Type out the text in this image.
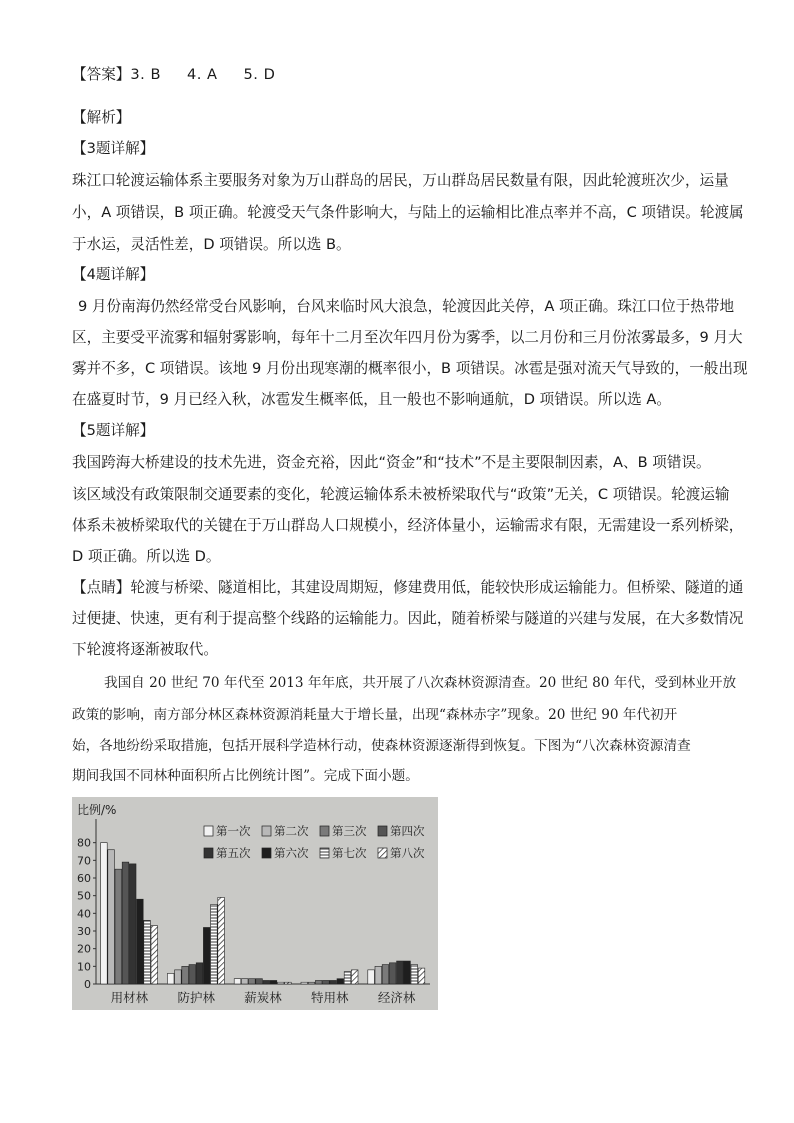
【答案】3. B 4. A 5. D
【解析】
【3题详解】
珠江口轮渡运输体系主要服务对象为万山群岛的居民，万山群岛居民数量有限，因此轮渡班次少，运量
小，A 项错误，B 项正确。轮渡受天气条件影响大，与陆上的运输相比准点率并不高，C 项错误。轮渡属
于水运，灵活性差，D 项错误。所以选 B。
【4题详解】
9 月份南海仍然经常受台风影响，台风来临时风大浪急，轮渡因此关停，A 项正确。珠江口位于热带地
区，主要受平流雾和辐射雾影响，每年十二月至次年四月份为雾季，以二月份和三月份浓雾最多，9 月大
雾并不多，C 项错误。该地 9 月份出现寒潮的概率很小，B 项错误。冰雹是强对流天气导致的，一般出现
在盛夏时节，9 月已经入秋，冰雹发生概率低，且一般也不影响通航，D 项错误。所以选 A。
【5题详解】
我国跨海大桥建设的技术先进，资金充裕，因此“资金”和“技术”不是主要限制因素，A、B 项错误。
该区域没有政策限制交通要素的变化，轮渡运输体系未被桥梁取代与“政策”无关，C 项错误。轮渡运输
体系未被桥梁取代的关键在于万山群岛人口规模小，经济体量小，运输需求有限，无需建设一系列桥梁，
D 项正确。所以选 D。
【点睛】轮渡与桥梁、隧道相比，其建设周期短，修建费用低，能较快形成运输能力。但桥梁、隧道的通
过便捷、快速，更有利于提高整个线路的运输能力。因此，随着桥梁与隧道的兴建与发展，在大多数情况
下轮渡将逐渐被取代。
我国自 20 世纪 70 年代至 2013 年年底，共开展了八次森林资源清查。20 世纪 80 年代，受到林业开放
政策的影响，南方部分林区森林资源消耗量大于增长量，出现“森林赤字”现象。20 世纪 90 年代初开
始，各地纷纷采取措施，包括开展科学造林行动，使森林资源逐渐得到恢复。下图为“八次森林资源清查
期间我国不同林种面积所占比例统计图”。完成下面小题。
比例/%
0
10
20
30
40
50
60
70
80
用材林 防护林 薪炭林 特用林 经济林
第一次 第二次 第三次 第四次
第五次 第六次 第七次 第八次
